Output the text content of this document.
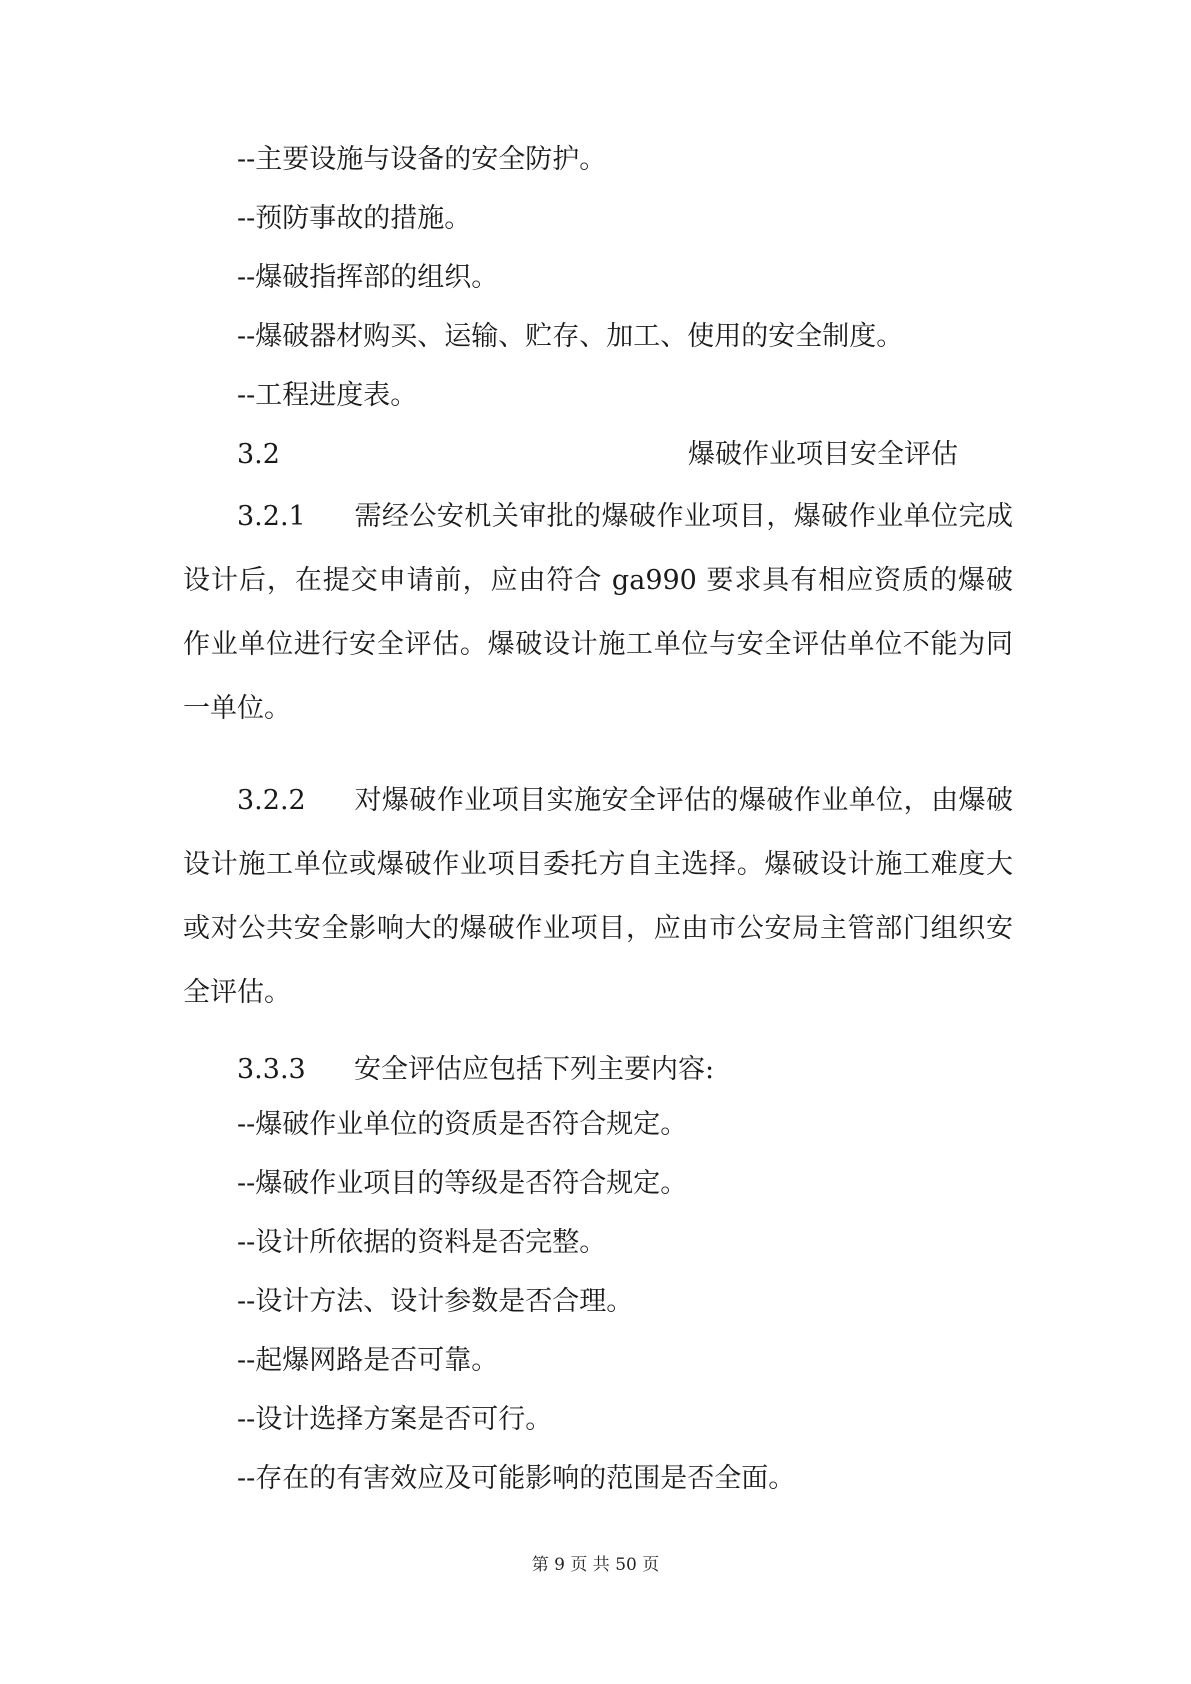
--主要设施与设备的安全防护。
--预防事故的措施。
--爆破指挥部的组织。
--爆破器材购买、运输、贮存、加工、使用的安全制度。
--工程进度表。
3.2	爆破作业项目安全评估
3.2.1 需经公安机关审批的爆破作业项目，爆破作业单位完成设计后，在提交申请前，应由符合 ga990 要求具有相应资质的爆破作业单位进行安全评估。爆破设计施工单位与安全评估单位不能为同一单位。
3.2.2 对爆破作业项目实施安全评估的爆破作业单位，由爆破设计施工单位或爆破作业项目委托方自主选择。爆破设计施工难度大或对公共安全影响大的爆破作业项目，应由市公安局主管部门组织安全评估。
3.3.3 安全评估应包括下列主要内容:
--爆破作业单位的资质是否符合规定。
--爆破作业项目的等级是否符合规定。
--设计所依据的资料是否完整。
--设计方法、设计参数是否合理。
--起爆网路是否可靠。
--设计选择方案是否可行。
--存在的有害效应及可能影响的范围是否全面。
第 9 页 共 50 页
